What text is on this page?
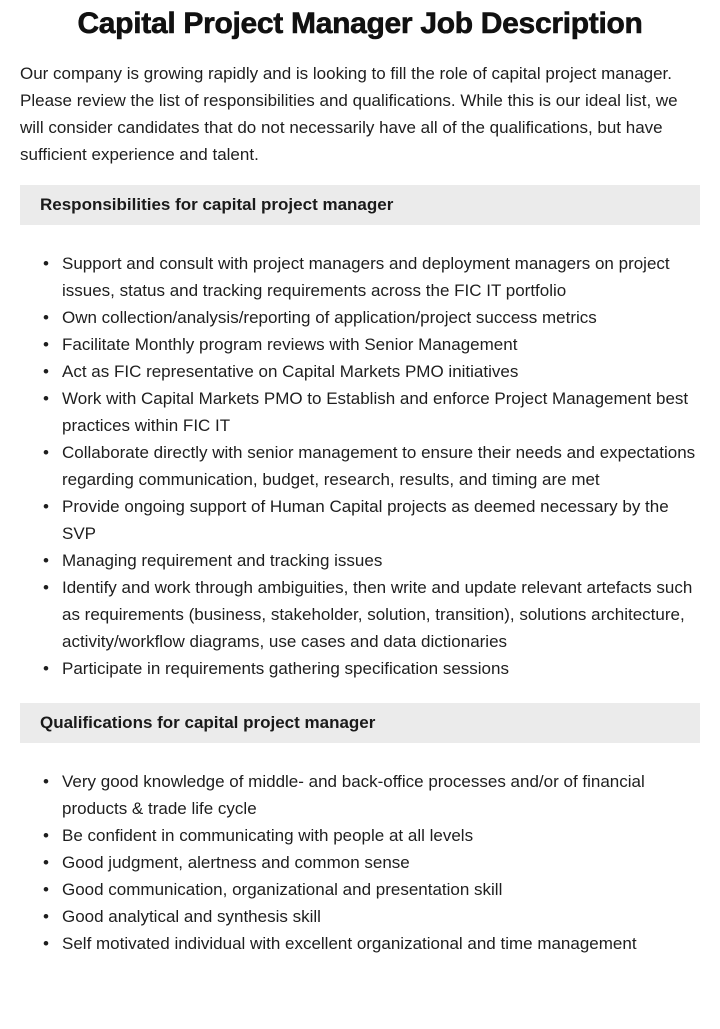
Capital Project Manager Job Description

Our company is growing rapidly and is looking to fill the role of capital project manager. Please review the list of responsibilities and qualifications. While this is our ideal list, we will consider candidates that do not necessarily have all of the qualifications, but have sufficient experience and talent.

Responsibilities for capital project manager
• Support and consult with project managers and deployment managers on project issues, status and tracking requirements across the FIC IT portfolio
• Own collection/analysis/reporting of application/project success metrics
• Facilitate Monthly program reviews with Senior Management
• Act as FIC representative on Capital Markets PMO initiatives
• Work with Capital Markets PMO to Establish and enforce Project Management best practices within FIC IT
• Collaborate directly with senior management to ensure their needs and expectations regarding communication, budget, research, results, and timing are met
• Provide ongoing support of Human Capital projects as deemed necessary by the SVP
• Managing requirement and tracking issues
• Identify and work through ambiguities, then write and update relevant artefacts such as requirements (business, stakeholder, solution, transition), solutions architecture, activity/workflow diagrams, use cases and data dictionaries
• Participate in requirements gathering specification sessions
Qualifications for capital project manager
• Very good knowledge of middle- and back-office processes and/or of financial products & trade life cycle
• Be confident in communicating with people at all levels
• Good judgment, alertness and common sense
• Good communication, organizational and presentation skill
• Good analytical and synthesis skill
• Self motivated individual with excellent organizational and time management
